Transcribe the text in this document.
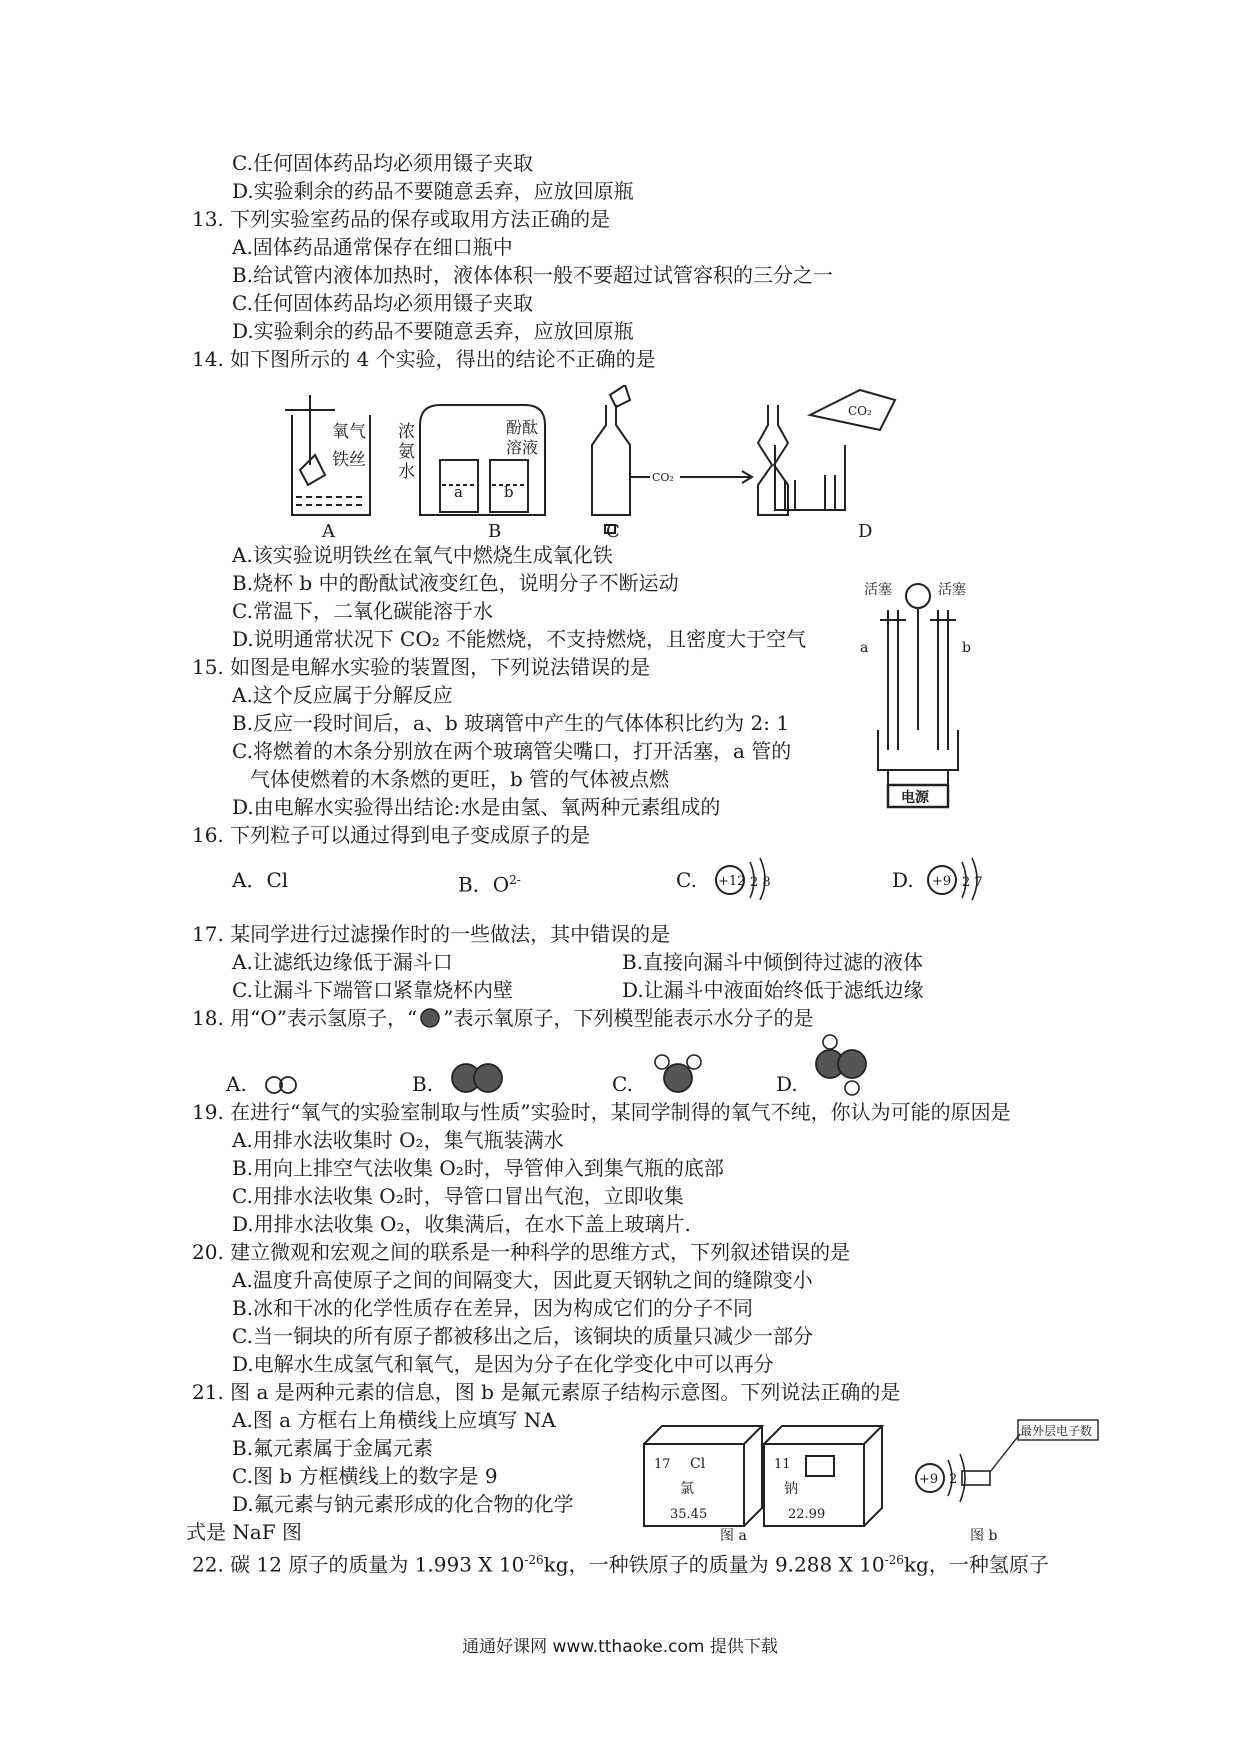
C.任何固体药品均必须用镊子夹取
D.实验剩余的药品不要随意丢弃，应放回原瓶
13. 下列实验室药品的保存或取用方法正确的是
A.固体药品通常保存在细口瓶中
B.给试管内液体加热时，液体体积一般不要超过试管容积的三分之一
C.任何固体药品均必须用镊子夹取
D.实验剩余的药品不要随意丢弃，应放回原瓶
14. 如下图所示的 4 个实验，得出的结论不正确的是
氧气
铁丝
A
浓
氨
水
酚酞
溶液
a	b
B
CO₂
C
CO₂
D
A.该实验说明铁丝在氧气中燃烧生成氧化铁
B.烧杯 b 中的酚酞试液变红色，说明分子不断运动
C.常温下，二氧化碳能溶于水
D.说明通常状况下 CO₂ 不能燃烧，不支持燃烧，且密度大于空气
活塞	活塞
a	b
电源
15. 如图是电解水实验的装置图，下列说法错误的是
A.这个反应属于分解反应
B.反应一段时间后，a、b 玻璃管中产生的气体体积比约为 2: 1
C.将燃着的木条分别放在两个玻璃管尖嘴口，打开活塞，a 管的
气体使燃着的木条燃的更旺，b 管的气体被点燃
D.由电解水实验得出结论:水是由氢、氧两种元素组成的
16. 下列粒子可以通过得到电子变成原子的是
A．Cl	B．$O^{2-}$	C. +12 2 8	D. +9 2 7
17. 某同学进行过滤操作时的一些做法，其中错误的是
A.让滤纸边缘低于漏斗口	B.直接向漏斗中倾倒待过滤的液体
C.让漏斗下端管口紧靠烧杯内壁	D.让漏斗中液面始终低于滤纸边缘
18. 用“O”表示氢原子，“ ”表示氧原子，下列模型能表示水分子的是
A.	B.	C.	D.
19. 在进行“氧气的实验室制取与性质”实验时，某同学制得的氧气不纯，你认为可能的原因是
A.用排水法收集时 O₂，集气瓶装满水
B.用向上排空气法收集 O₂时，导管伸入到集气瓶的底部
C.用排水法收集 O₂时，导管口冒出气泡，立即收集
D.用排水法收集 O₂，收集满后，在水下盖上玻璃片.
20. 建立微观和宏观之间的联系是一种科学的思维方式，下列叙述错误的是
A.温度升高使原子之间的间隔变大，因此夏天钢轨之间的缝隙变小
B.冰和干冰的化学性质存在差异，因为构成它们的分子不同
C.当一铜块的所有原子都被移出之后，该铜块的质量只减少一部分
D.电解水生成氢气和氧气，是因为分子在化学变化中可以再分
21. 图 a 是两种元素的信息，图 b 是氟元素原子结构示意图。下列说法正确的是
A.图 a 方框右上角横线上应填写 NA
B.氟元素属于金属元素
C.图 b 方框横线上的数字是 9
D.氟元素与钠元素形成的化合物的化学
式是 NaF 图
17 Cl
氯
35.45
11
钠
22.99
图 a
+9 2
最外层电子数
图 b
22. 碳 12 原子的质量为 1.993 X $10^{-26}kg$，一种铁原子的质量为 9.288 X $10^{-26}kg$，一种氢原子
通通好课网 www.tthaoke.com 提供下载
